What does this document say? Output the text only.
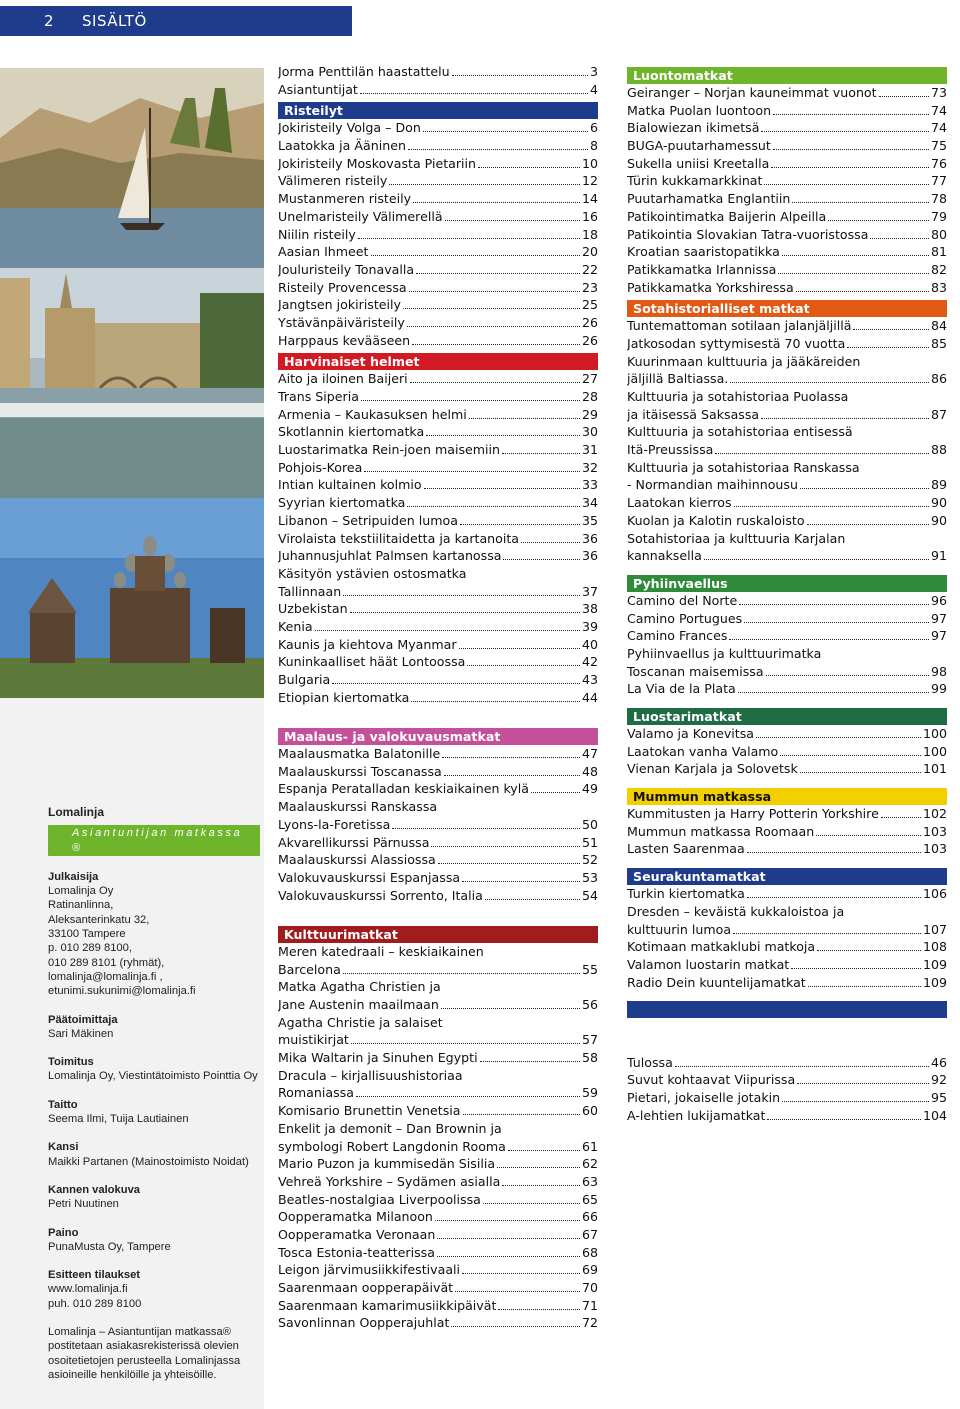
2 SISÄLTÖ
Lomalinja
Asiantuntijan matkassa ®
Julkaisija
Lomalinja Oy
Ratinanlinna,
Aleksanterinkatu 32,
33100 Tampere
p. 010 289 8100,
010 289 8101 (ryhmät),
lomalinja@lomalinja.fi ,
etunimi.sukunimi@lomalinja.fi
Päätoimittaja
Sari Mäkinen
Toimitus
Lomalinja Oy, Viestintätoimisto Pointtia Oy
Taitto
Seema Ilmi, Tuija Lautiainen
Kansi
Maikki Partanen (Mainostoimisto Noidat)
Kannen valokuva
Petri Nuutinen
Paino
PunaMusta Oy, Tampere
Esitteen tilaukset
www.lomalinja.fi
puh. 010 289 8100
Lomalinja – Asiantuntijan matkassa®
postitetaan asiakasrekisterissä olevien
osoitetietojen perusteella Lomalinjassa
asioineille henkilöille ja yhteisöille.
Jorma Penttilän haastattelu	3
Asiantuntijat	4
Risteilyt
Jokiristeily Volga – Don	6
Laatokka ja Ääninen	8
Jokiristeily Moskovasta Pietariin	10
Välimeren risteily	12
Mustanmeren risteily	14
Unelmaristeily Välimerellä	16
Niilin risteily	18
Aasian Ihmeet	20
Jouluristeily Tonavalla	22
Risteily Provencessa	23
Jangtsen jokiristeily	25
Ystävänpäiväristeily	26
Harppaus kevääseen	26
Harvinaiset helmet
Aito ja iloinen Baijeri	27
Trans Siperia	28
Armenia – Kaukasuksen helmi	29
Skotlannin kiertomatka	30
Luostarimatka Rein-joen maisemiin	31
Pohjois-Korea	32
Intian kultainen kolmio	33
Syyrian kiertomatka	34
Libanon – Setripuiden lumoa	35
Virolaista tekstiilitaidetta ja kartanoita	36
Juhannusjuhlat Palmsen kartanossa	36
Käsityön ystävien ostosmatka
Tallinnaan	37
Uzbekistan	38
Kenia	39
Kaunis ja kiehtova Myanmar	40
Kuninkaalliset häät Lontoossa	42
Bulgaria	43
Etiopian kiertomatka	44
Maalaus- ja valokuvausmatkat
Maalausmatka Balatonille	47
Maalauskurssi Toscanassa	48
Espanja Peratalladan keskiaikainen kylä	49
Maalauskurssi Ranskassa
Lyons-la-Foretissa	50
Akvarellikurssi Pärnussa	51
Maalauskurssi Alassiossa	52
Valokuvauskurssi Espanjassa	53
Valokuvauskurssi Sorrento, Italia	54
Kulttuurimatkat
Meren katedraali – keskiaikainen
Barcelona	55
Matka Agatha Christien ja
Jane Austenin maailmaan	56
Agatha Christie ja salaiset
muistikirjat	57
Mika Waltarin ja Sinuhen Egypti	58
Dracula – kirjallisuushistoriaa
Romaniassa	59
Komisario Brunettin Venetsia	60
Enkelit ja demonit – Dan Brownin ja
symbologi Robert Langdonin Rooma	61
Mario Puzon ja kummisedän Sisilia	62
Vehreä Yorkshire – Sydämen asialla	63
Beatles-nostalgiaa Liverpoolissa	65
Oopperamatka Milanoon	66
Oopperamatka Veronaan	67
Tosca Estonia-teatterissa	68
Leigon järvimusiikkifestivaali	69
Saarenmaan oopperapäivät	70
Saarenmaan kamarimusiikkipäivät	71
Savonlinnan Oopperajuhlat	72
Luontomatkat
Geiranger – Norjan kauneimmat vuonot	73
Matka Puolan luontoon	74
Bialowiezan ikimetsä	74
BUGA-puutarhamessut	75
Sukella uniisi Kreetalla	76
Türin kukkamarkkinat	77
Puutarhamatka Englantiin	78
Patikointimatka Baijerin Alpeilla	79
Patikointia Slovakian Tatra-vuoristossa	80
Kroatian saaristopatikka	81
Patikkamatka Irlannissa	82
Patikkamatka Yorkshiressa	83
Sotahistorialliset matkat
Tuntemattoman sotilaan jalanjäljillä	84
Jatkosodan syttymisestä 70 vuotta	85
Kuurinmaan kulttuuria ja jääkäreiden
jäljillä Baltiassa.	86
Kulttuuria ja sotahistoriaa Puolassa
ja itäisessä Saksassa	87
Kulttuuria ja sotahistoriaa entisessä
Itä-Preussissa	88
Kulttuuria ja sotahistoriaa Ranskassa
- Normandian maihinnousu	89
Laatokan kierros	90
Kuolan ja Kalotin ruskaloisto	90
Sotahistoriaa ja kulttuuria Karjalan
kannaksella	91
Pyhiinvaellus
Camino del Norte	96
Camino Portugues	97
Camino Frances	97
Pyhiinvaellus ja kulttuurimatka
Toscanan maisemissa	98
La Via de la Plata	99
Luostarimatkat
Valamo ja Konevitsa	100
Laatokan vanha Valamo	100
Vienan Karjala ja Solovetsk	101
Mummun matkassa
Kummitusten ja Harry Potterin Yorkshire	102
Mummun matkassa Roomaan	103
Lasten Saarenmaa	103
Seurakuntamatkat
Turkin kiertomatka	106
Dresden – keväistä kukkaloistoa ja
kulttuurin lumoa	107
Kotimaan matkaklubi matkoja	108
Valamon luostarin matkat	109
Radio Dein kuuntelijamatkat	109
Tulossa	46
Suvut kohtaavat Viipurissa	92
Pietari, jokaiselle jotakin	95
A-lehtien lukijamatkat	104
